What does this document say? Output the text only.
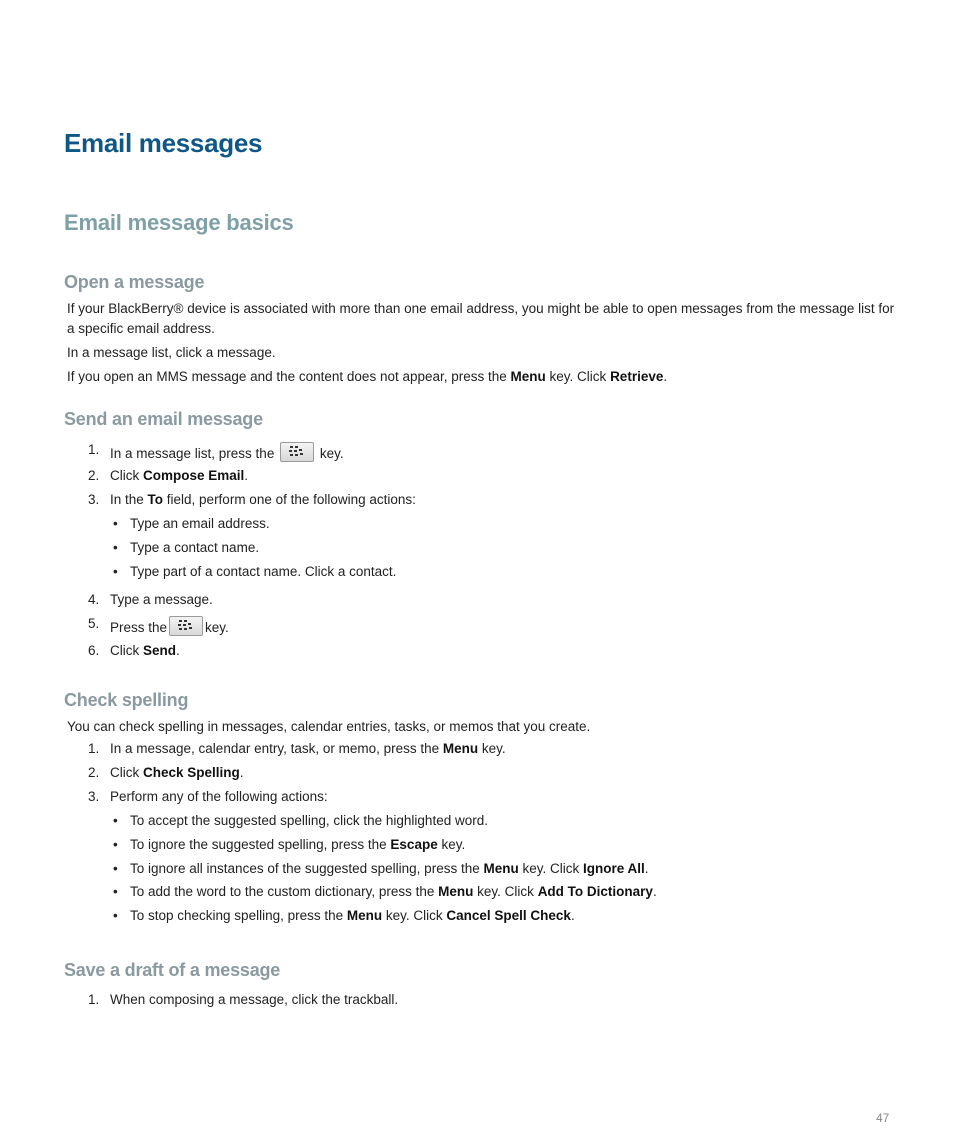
Email messages
Email message basics
Open a message
If your BlackBerry® device is associated with more than one email address, you might be able to open messages from the message list for a specific email address.
In a message list, click a message.
If you open an MMS message and the content does not appear, press the Menu key. Click Retrieve.
Send an email message
1. In a message list, press the	key.
2. Click Compose Email.
3. In the To field, perform one of the following actions:
• Type an email address.
• Type a contact name.
• Type part of a contact name. Click a contact.
4. Type a message.
5. Press the	key.
6. Click Send.
Check spelling
You can check spelling in messages, calendar entries, tasks, or memos that you create.
1. In a message, calendar entry, task, or memo, press the Menu key.
2. Click Check Spelling.
3. Perform any of the following actions:
• To accept the suggested spelling, click the highlighted word.
• To ignore the suggested spelling, press the Escape key.
• To ignore all instances of the suggested spelling, press the Menu key. Click Ignore All.
• To add the word to the custom dictionary, press the Menu key. Click Add To Dictionary.
• To stop checking spelling, press the Menu key. Click Cancel Spell Check.
Save a draft of a message
1. When composing a message, click the trackball.
47
